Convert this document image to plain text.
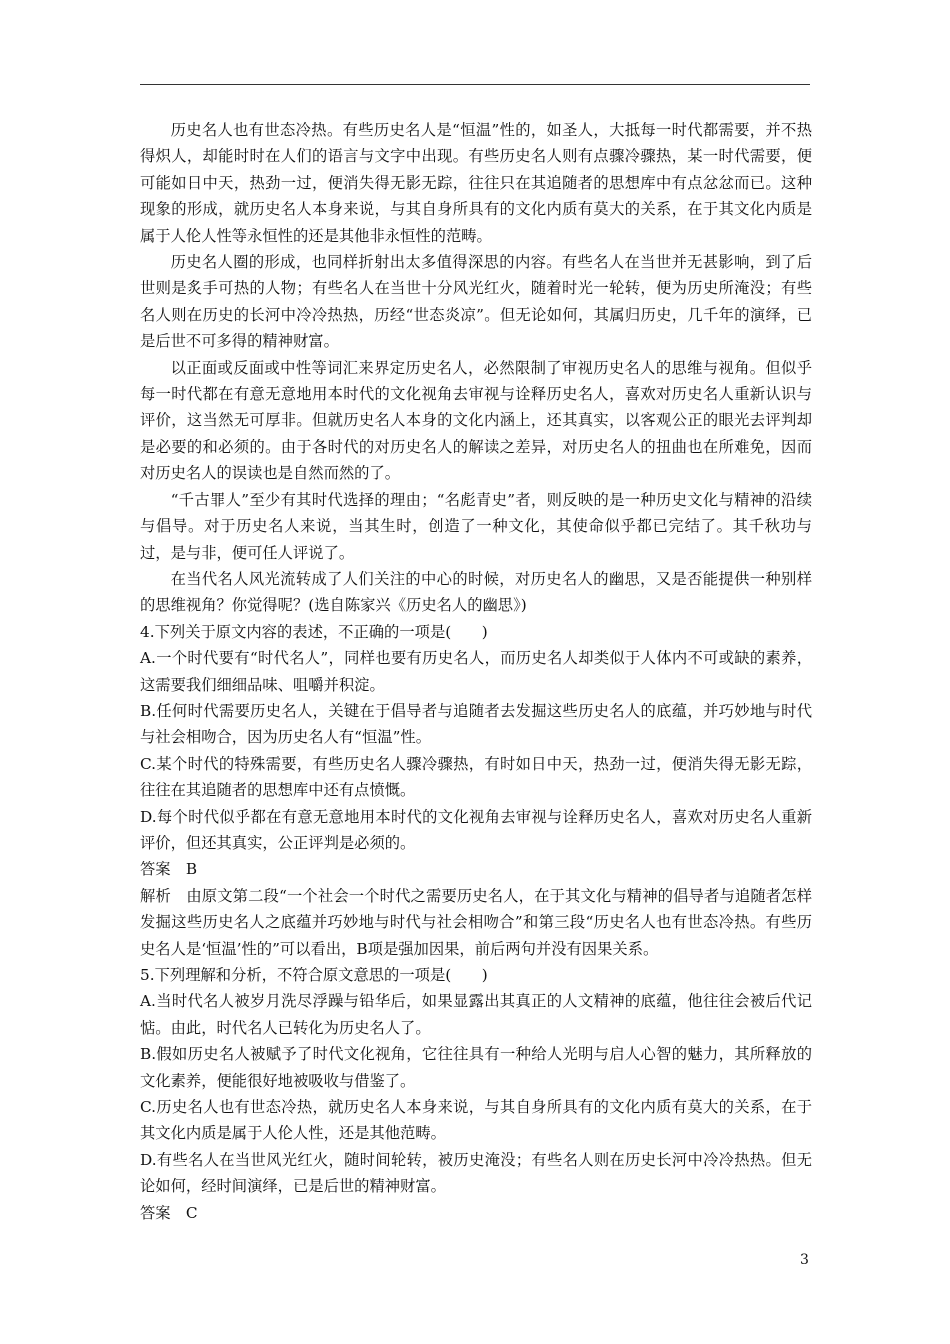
历史名人也有世态冷热。有些历史名人是“恒温”性的，如圣人，大抵每一时代都需要，并不热得炽人，却能时时在人们的语言与文字中出现。有些历史名人则有点骤冷骤热，某一时代需要，便可能如日中天，热劲一过，便消失得无影无踪，往往只在其追随者的思想库中有点忿忿而已。这种现象的形成，就历史名人本身来说，与其自身所具有的文化内质有莫大的关系，在于其文化内质是属于人伦人性等永恒性的还是其他非永恒性的范畴。

历史名人圈的形成，也同样折射出太多值得深思的内容。有些名人在当世并无甚影响，到了后世则是炙手可热的人物；有些名人在当世十分风光红火，随着时光一轮转，便为历史所淹没；有些名人则在历史的长河中冷冷热热，历经“世态炎凉”。但无论如何，其属归历史，几千年的演绎，已是后世不可多得的精神财富。

以正面或反面或中性等词汇来界定历史名人，必然限制了审视历史名人的思维与视角。但似乎每一时代都在有意无意地用本时代的文化视角去审视与诠释历史名人，喜欢对历史名人重新认识与评价，这当然无可厚非。但就历史名人本身的文化内涵上，还其真实，以客观公正的眼光去评判却是必要的和必须的。由于各时代的对历史名人的解读之差异，对历史名人的扭曲也在所难免，因而对历史名人的误读也是自然而然的了。

“千古罪人”至少有其时代选择的理由；“名彪青史”者，则反映的是一种历史文化与精神的沿续与倡导。对于历史名人来说，当其生时，创造了一种文化，其使命似乎都已完结了。其千秋功与过，是与非，便可任人评说了。

在当代名人风光流转成了人们关注的中心的时候，对历史名人的幽思，又是否能提供一种别样的思维视角？你觉得呢？(选自陈家兴《历史名人的幽思》)

4.下列关于原文内容的表述，不正确的一项是(　　)

A.一个时代要有“时代名人”，同样也要有历史名人，而历史名人却类似于人体内不可或缺的素养，这需要我们细细品味、咀嚼并积淀。

B.任何时代需要历史名人，关键在于倡导者与追随者去发掘这些历史名人的底蕴，并巧妙地与时代与社会相吻合，因为历史名人有“恒温”性。

C.某个时代的特殊需要，有些历史名人骤冷骤热，有时如日中天，热劲一过，便消失得无影无踪，往往在其追随者的思想库中还有点愤慨。

D.每个时代似乎都在有意无意地用本时代的文化视角去审视与诠释历史名人，喜欢对历史名人重新评价，但还其真实，公正评判是必须的。

答案　B

解析　由原文第二段“一个社会一个时代之需要历史名人，在于其文化与精神的倡导者与追随者怎样发掘这些历史名人之底蕴并巧妙地与时代与社会相吻合”和第三段“历史名人也有世态冷热。有些历史名人是‘恒温’性的”可以看出，B项是强加因果，前后两句并没有因果关系。

5.下列理解和分析，不符合原文意思的一项是(　　)

A.当时代名人被岁月洗尽浮躁与铅华后，如果显露出其真正的人文精神的底蕴，他往往会被后代记惦。由此，时代名人已转化为历史名人了。

B.假如历史名人被赋予了时代文化视角，它往往具有一种给人光明与启人心智的魅力，其所释放的文化素养，便能很好地被吸收与借鉴了。

C.历史名人也有世态冷热，就历史名人本身来说，与其自身所具有的文化内质有莫大的关系，在于其文化内质是属于人伦人性，还是其他范畴。

D.有些名人在当世风光红火，随时间轮转，被历史淹没；有些名人则在历史长河中冷冷热热。但无论如何，经时间演绎，已是后世的精神财富。

答案　C

3
